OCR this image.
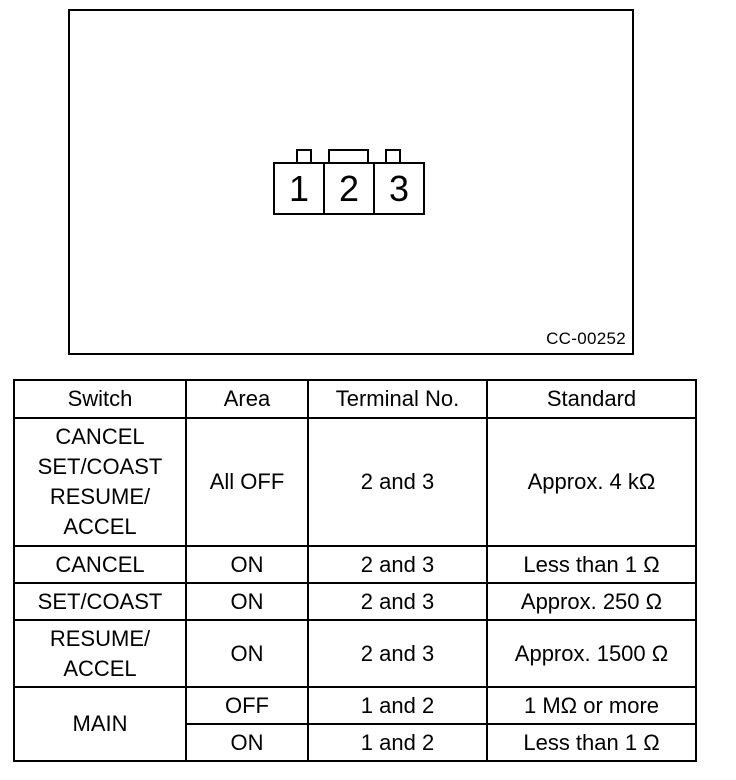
1 2 3
CC-00252
Switch	Area	Terminal No.	Standard

CANCEL
SET/COAST
RESUME/
ACCEL	All OFF	2 and 3	Approx. 4 kΩ
CANCEL	ON	2 and 3	Less than 1 Ω
SET/COAST	ON	2 and 3	Approx. 250 Ω

RESUME/
ACCEL	ON	2 and 3	Approx. 1500 Ω
MAIN	OFF	1 and 2	1 MΩ or more
	ON	1 and 2	Less than 1 Ω
